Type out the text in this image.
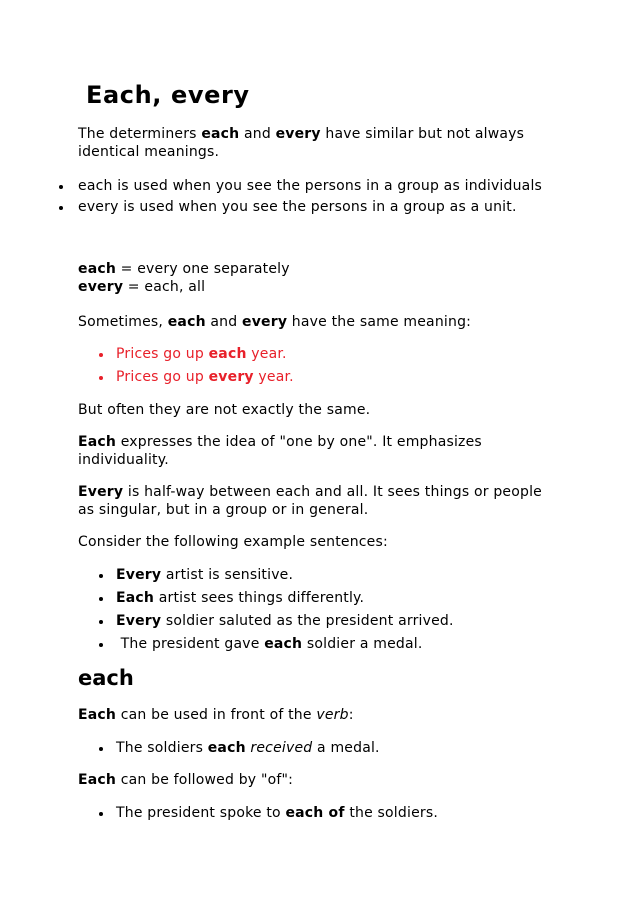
Each, every
The determiners each and every have similar but not always
identical meanings.
each is used when you see the persons in a group as individuals
every is used when you see the persons in a group as a unit.
each = every one separately
every = each, all
Sometimes, each and every have the same meaning:
Prices go up each year.
Prices go up every year.
But often they are not exactly the same.
Each expresses the idea of "one by one". It emphasizes
individuality.
Every is half-way between each and all. It sees things or people
as singular, but in a group or in general.
Consider the following example sentences:
Every artist is sensitive.
Each artist sees things differently.
Every soldier saluted as the president arrived.
The president gave each soldier a medal.
each
Each can be used in front of the verb:
The soldiers each received a medal.
Each can be followed by "of":
The president spoke to each of the soldiers.
